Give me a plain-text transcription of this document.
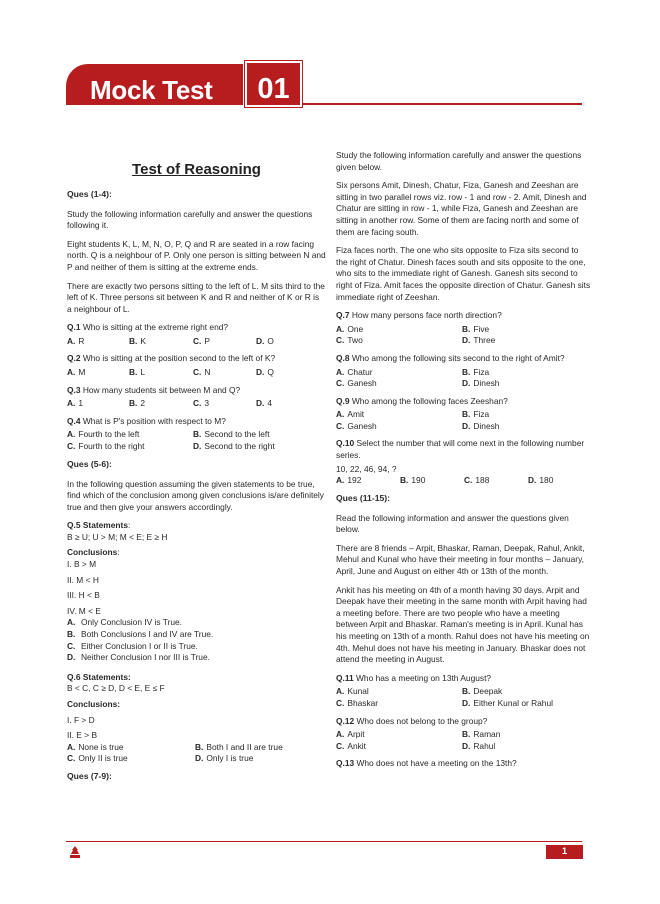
Mock Test	01
Test of Reasoning
Ques (1-4):
Study the following information carefully and answer the questions following it.
Eight students K, L, M, N, O, P, Q and R are seated in a row facing north. Q is a neighbour of P. Only one person is sitting between N and P and neither of them is sitting at the extreme ends.
There are exactly two persons sitting to the left of L. M sits third to the left of K. Three persons sit between K and R and neither of K or R is a neighbour of L.
Q.1 Who is sitting at the extreme right end?
A. R	B. K	C. P	D. O
Q.2 Who is sitting at the position second to the left of K?
A. M	B. L	C. N	D. Q
Q.3 How many students sit between M and Q?
A. 1	B. 2	C. 3	D. 4
Q.4 What is P's position with respect to M?
A. Fourth to the left	B. Second to the left
C. Fourth to the right	D. Second to the right
Ques (5-6):
In the following question assuming the given statements to be true, find which of the conclusion among given conclusions is/are definitely true and then give your answers accordingly.
Q.5 Statements:
B ≥ U; U > M; M < E; E ≥ H
Conclusions:
I. B > M
II. M < H
III. H < B
IV. M < E
A. Only Conclusion IV is True.
B. Both Conclusions I and IV are True.
C. Either Conclusion I or II is True.
D. Neither Conclusion I nor III is True.
Q.6 Statements:
B < C, C ≥ D, D < E, E ≤ F
Conclusions:
I. F > D
II. E > B
A. None is true	B. Both I and II are true
C. Only II is true	D. Only I is true
Ques (7-9):
Study the following information carefully and answer the questions given below.
Six persons Amit, Dinesh, Chatur, Fiza, Ganesh and Zeeshan are sitting in two parallel rows viz. row - 1 and row - 2. Amit, Dinesh and Chatur are sitting in row - 1, while Fiza, Ganesh and Zeeshan are sitting in another row. Some of them are facing north and some of them are facing south.
Fiza faces north. The one who sits opposite to Fiza sits second to the right of Chatur. Dinesh faces south and sits opposite to the one, who sits to the immediate right of Ganesh. Ganesh sits second to right of Fiza. Amit faces the opposite direction of Chatur. Ganesh sits immediate right of Zeeshan.
Q.7 How many persons face north direction?
A. One	B. Five
C. Two	D. Three
Q.8 Who among the following sits second to the right of Amit?
A. Chatur	B. Fiza
C. Ganesh	D. Dinesh
Q.9 Who among the following faces Zeeshan?
A. Amit	B. Fiza
C. Ganesh	D. Dinesh
Q.10 Select the number that will come next in the following number series.
10, 22, 46, 94, ?
A. 192	B. 190	C. 188	D. 180
Ques (11-15):
Read the following information and answer the questions given below.
There are 8 friends – Arpit, Bhaskar, Raman, Deepak, Rahul, Ankit, Mehul and Kunal who have their meeting in four months – January, April, June and August on either 4th or 13th of the month.
Ankit has his meeting on 4th of a month having 30 days. Arpit and Deepak have their meeting in the same month with Arpit having had a meeting before. There are two people who have a meeting between Arpit and Bhaskar. Raman's meeting is in April. Kunal has his meeting on 13th of a month. Rahul does not have his meeting on 4th. Mehul does not have his meeting in January. Bhaskar does not attend the meeting in August.
Q.11 Who has a meeting on 13th August?
A. Kunal	B. Deepak
C. Bhaskar	D. Either Kunal or Rahul
Q.12 Who does not belong to the group?
A. Arpit	B. Raman
C. Ankit	D. Rahul
Q.13 Who does not have a meeting on the 13th?
1
